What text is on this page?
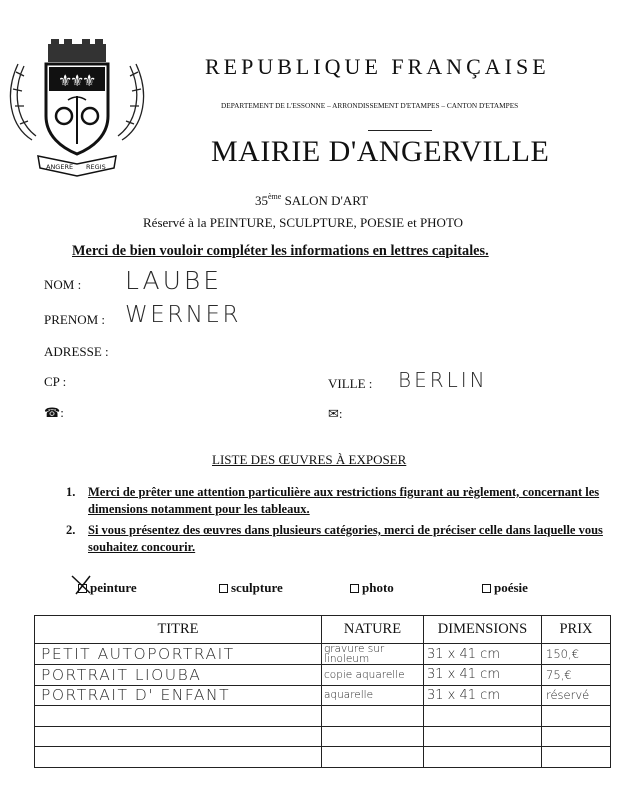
⚜
⚜
⚜
ANGERE REGIS
REPUBLIQUE FRANÇAISE
DEPARTEMENT DE L'ESSONNE – ARRONDISSEMENT D'ETAMPES – CANTON D'ETAMPES
MAIRIE D'ANGERVILLE
35ème SALON D'ART
Réservé à la PEINTURE, SCULPTURE, POESIE et PHOTO
Merci de bien vouloir compléter les informations en lettres capitales.
NOM : LAUBE
PRENOM : WERNER
ADRESSE :
CP :	VILLE : BERLIN
☎:	✉:
LISTE DES ŒUVRES À EXPOSER
1. Merci de prêter une attention particulière aux restrictions figurant au règlement, concernant les dimensions notamment pour les tableaux.
2. Si vous présentez des œuvres dans plusieurs catégories, merci de préciser celle dans laquelle vous souhaitez concourir.
peinture	sculpture	photo	poésie
TITRE	NATURE	DIMENSIONS	PRIX
PETIT AUTOPORTRAIT	gravure sur linoleum	31 x 41 cm	150,€
PORTRAIT LIOUBA	copie aquarelle	31 x 41 cm	75,€
PORTRAIT D' ENFANT	aquarelle	31 x 41 cm	réservé
